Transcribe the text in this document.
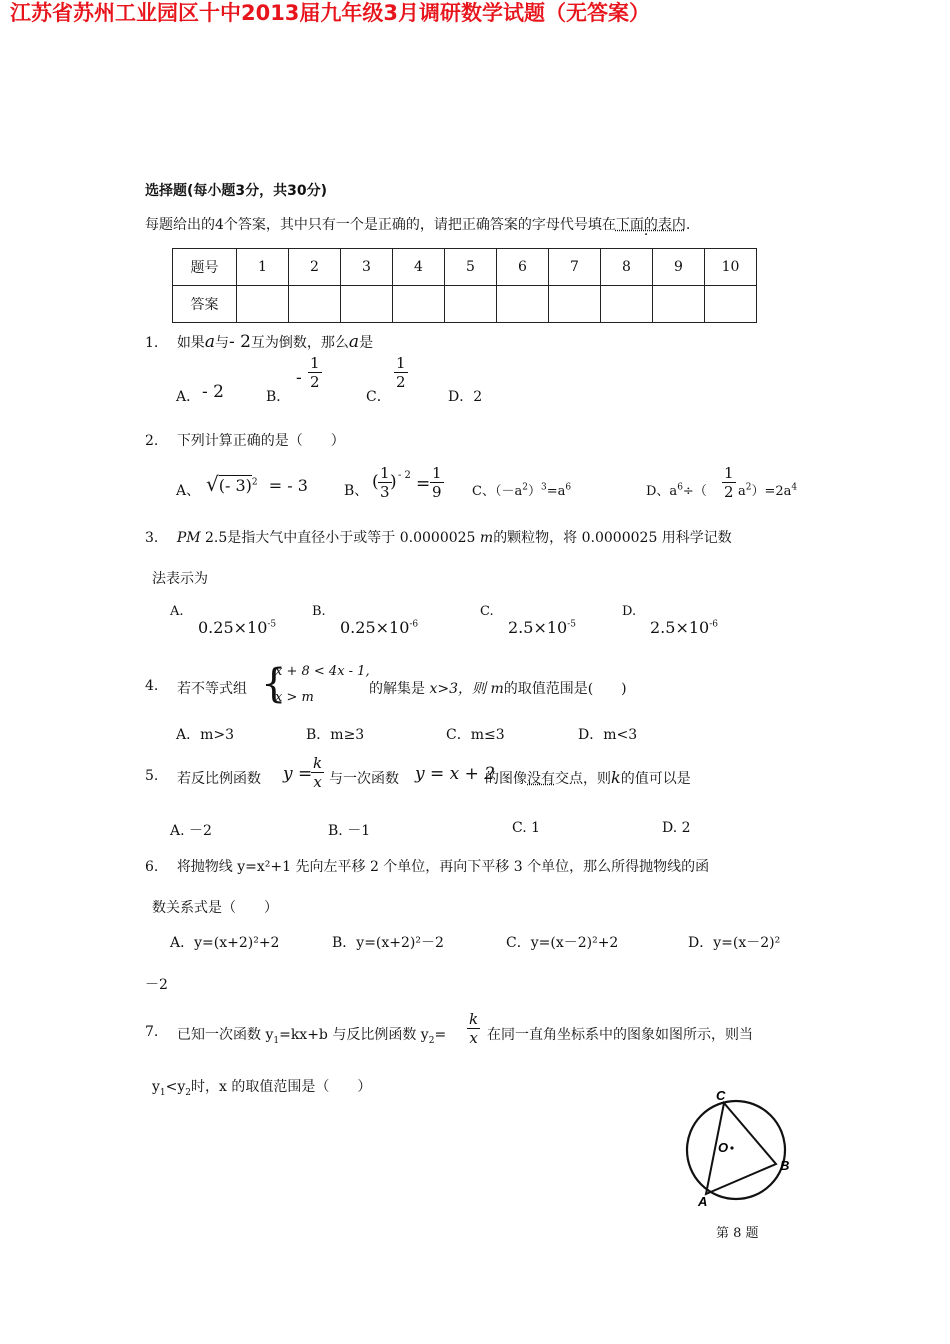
江苏省苏州工业园区十中2013届九年级3月调研数学试题（无答案）
选择题(每小题3分，共30分)
每题给出的4个答案，其中只有一个是正确的，请把正确答案的字母代号填在下面的表内 ·.
题号	1	2	3	4	5	6	7	8	9	10
答案										
1. 如果a与- 2互为倒数，那么a是
A． - 2	B．
- $\frac{1}{2}$
C．
$\frac{1}{2}$
D．2
2. 下列计算正确的是（　　）
A、 √(- 3)$^2$ = - 3	B、 ( $\frac{1}{3}$
) - $2 = \frac{1}{9}$ C、$(-a^2)^3=a^6$	D、$a^6\div( \frac{1}{2} a^2)=2a^4$
3. PM 2.5是指大气中直径小于或等于 0.0000025 m的颗粒物，将 0.0000025 用科学记数
法表示为
A.
$0.25\times 10^{-5}$
B.
$0.25\times 10^{-6}$
C.
$2.5\times 10^{-5}$
D.
$2.5\times 10^{-6}$
4. 若不等式组 {
x + 8 < 4x - 1,
x > m
的解集是 x>3，则 m的取值范围是(　　)
A．m>3	B．m≥3	C．m≤3	D．m<3
5. 若反比例函数 y =
$\frac{k}{x}$ 与一次函数 y = x + 2
的图像没有交点，则k的值可以是
A. －2	B. －1	C. 1	D. 2
6. 将抛物线 y=x²+1 先向左平移 2 个单位，再向下平移 3 个单位，那么所得抛物线的函
数关系式是（　　）
A．y=(x+2)²+2	B．y=(x+2)²－2	C．y=(x－2)²+2	D．y=(x－2)²
－2
7. 已知一次函数 $y_1=kx+b$ 与反比例函数 $y_2= \frac{k}{x}$ 在同一直角坐标系中的图象如图所示，则当
$y_1<y_2$时，x 的取值范围是（　　）
C
O
B
A
第 8 题
